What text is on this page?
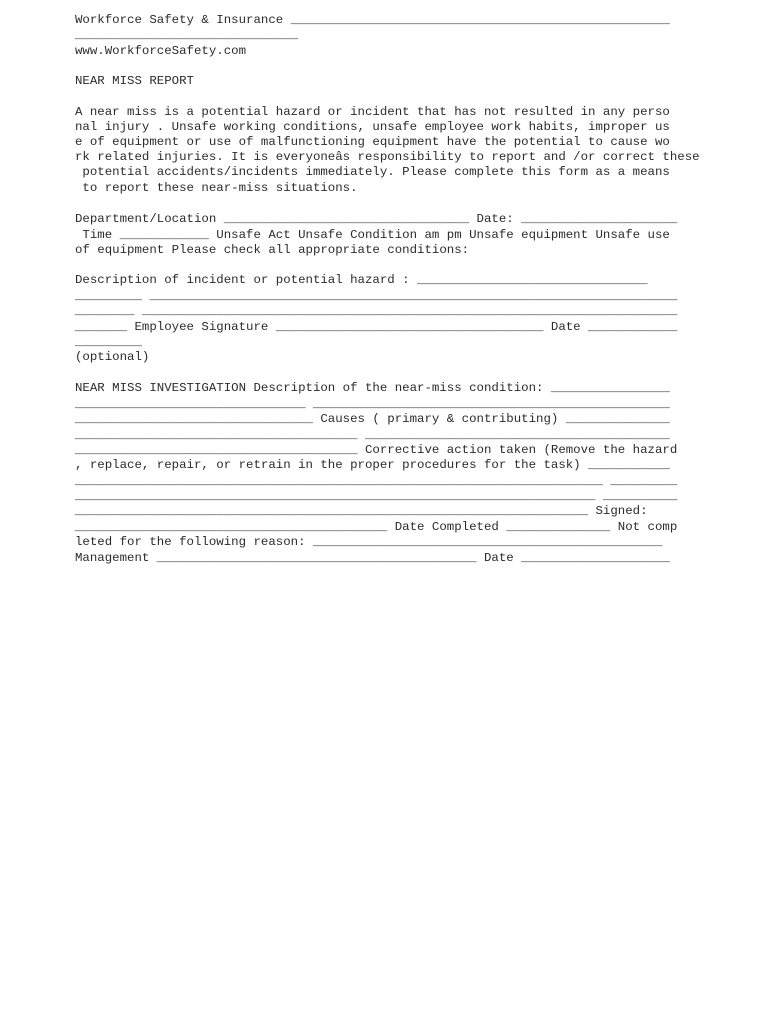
Workforce Safety & Insurance ___________________________________________________

______________________________

www.WorkforceSafety.com

NEAR MISS REPORT

A near miss is a potential hazard or incident that has not resulted in any perso

nal injury . Unsafe working conditions, unsafe employee work habits, improper us

e of equipment or use of malfunctioning equipment have the potential to cause wo

rk related injuries. It is everyoneâs responsibility to report and /or correct these

potential accidents/incidents immediately. Please complete this form as a means

to report these near-miss situations.

Department/Location _________________________________ Date: _____________________

Time ____________ Unsafe Act Unsafe Condition am pm Unsafe equipment Unsafe use

of equipment Please check all appropriate conditions:

Description of incident or potential hazard : _______________________________

_________ _______________________________________________________________________

________ ________________________________________________________________________

_______ Employee Signature ____________________________________ Date ____________

_________

(optional)

NEAR MISS INVESTIGATION Description of the near-miss condition: ________________

_______________________________ ________________________________________________

________________________________ Causes ( primary & contributing) ______________

______________________________________ _________________________________________

______________________________________ Corrective action taken (Remove the hazard

, replace, repair, or retrain in the proper procedures for the task) ___________

_______________________________________________________________________ _________

______________________________________________________________________ __________

_____________________________________________________________________ Signed:

__________________________________________ Date Completed ______________ Not comp

leted for the following reason: _______________________________________________

Management ___________________________________________ Date ____________________
